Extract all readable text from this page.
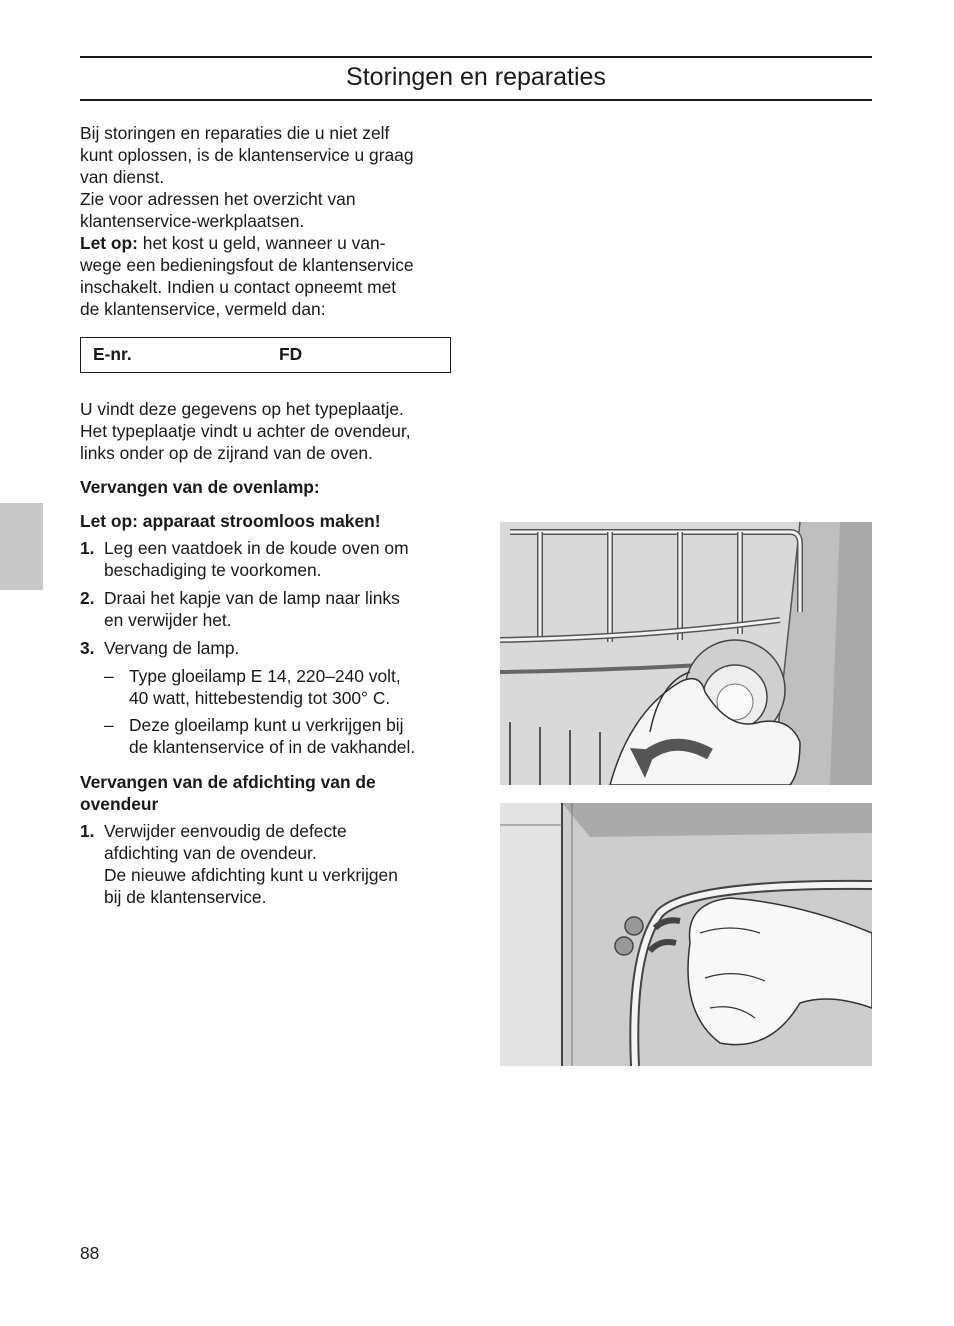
Storingen en reparaties

Bij storingen en reparaties die u niet zelf

kunt oplossen, is de klantenservice u graag

van dienst.

Zie voor adressen het overzicht van

klantenservice-werkplaatsen.

Let op: het kost u geld, wanneer u van-

wege een bedieningsfout de klantenservice

inschakelt. Indien u contact opneemt met

de klantenservice, vermeld dan:

E-nr.	FD

U vindt deze gegevens op het typeplaatje.

Het typeplaatje vindt u achter de ovendeur,

links onder op de zijrand van de oven.

Vervangen van de ovenlamp:
Let op: apparaat stroomloos maken!
1. Leg een vaatdoek in de koude oven om
beschadiging te voorkomen.
2. Draai het kapje van de lamp naar links
en verwijder het.
3. Vervang de lamp.
– Type gloeilamp E 14, 220–240 volt,
40 watt, hittebestendig tot 300° C.
– Deze gloeilamp kunt u verkrijgen bij
de klantenservice of in de vakhandel.
Vervangen van de afdichting van de
ovendeur
1. Verwijder eenvoudig de defecte
afdichting van de ovendeur.
De nieuwe afdichting kunt u verkrijgen
bij de klantenservice.
88
